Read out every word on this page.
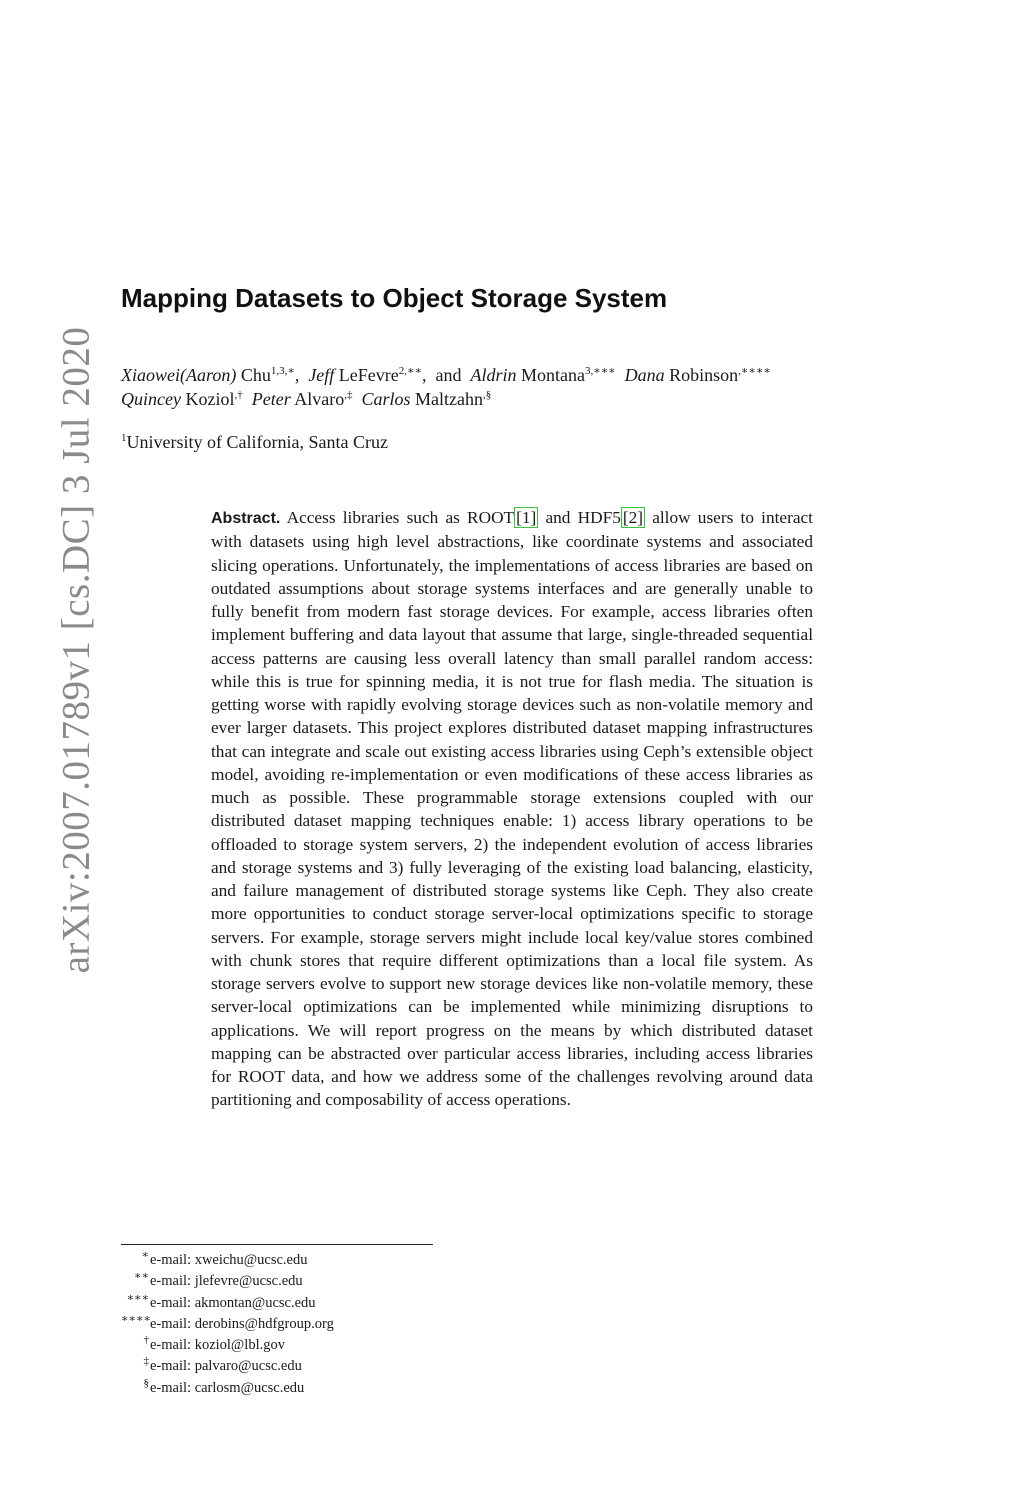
arXiv:2007.01789v1 [cs.DC] 3 Jul 2020
Mapping Datasets to Object Storage System
Xiaowei(Aaron) Chu$^{1,3,∗}$,  Jeff LeFevre$^{2,∗∗}$,  and Aldrin Montana$^{3,∗∗∗}$ Dana Robinson,∗∗∗∗
Quincey Koziol,† Peter Alvaro,‡ Carlos Maltzahn,§
$^1$University of California, Santa Cruz
Abstract. Access libraries such as ROOT [1] and HDF5 [2] allow users to interact with datasets using high level abstractions, like coordinate systems and associated slicing operations. Unfortunately, the implementations of access libraries are based on outdated assumptions about storage systems interfaces and are generally unable to fully benefit from modern fast storage devices. For example, access libraries often implement buffering and data layout that assume that large, single-threaded sequential access patterns are causing less overall latency than small parallel random access: while this is true for spinning media, it is not true for flash media. The situation is getting worse with rapidly evolving storage devices such as non-volatile memory and ever larger datasets. This project explores distributed dataset mapping infrastructures that can integrate and scale out existing access libraries using Ceph’s extensible object model, avoiding re-implementation or even modifications of these access libraries as much as possible. These programmable storage extensions coupled with our distributed dataset mapping techniques enable: 1) access library operations to be offloaded to storage system servers, 2) the independent evolution of access libraries and storage systems and 3) fully leveraging of the existing load balancing, elasticity, and failure management of distributed storage systems like Ceph. They also create more opportunities to conduct storage server-local optimizations specific to storage servers. For example, storage servers might include local key/value stores combined with chunk stores that require different optimizations than a local file system. As storage servers evolve to support new storage devices like non-volatile memory, these server-local optimizations can be implemented while minimizing disruptions to applications. We will report progress on the means by which distributed dataset mapping can be abstracted over particular access libraries, including access libraries for ROOT data, and how we address some of the challenges revolving around data partitioning and composability of access operations.
∗ e-mail: xweichu@ucsc.edu
∗∗ e-mail: jlefevre@ucsc.edu
∗∗∗ e-mail: akmontan@ucsc.edu
∗∗∗∗ e-mail: derobins@hdfgroup.org
† e-mail: koziol@lbl.gov
‡ e-mail: palvaro@ucsc.edu
§ e-mail: carlosm@ucsc.edu
